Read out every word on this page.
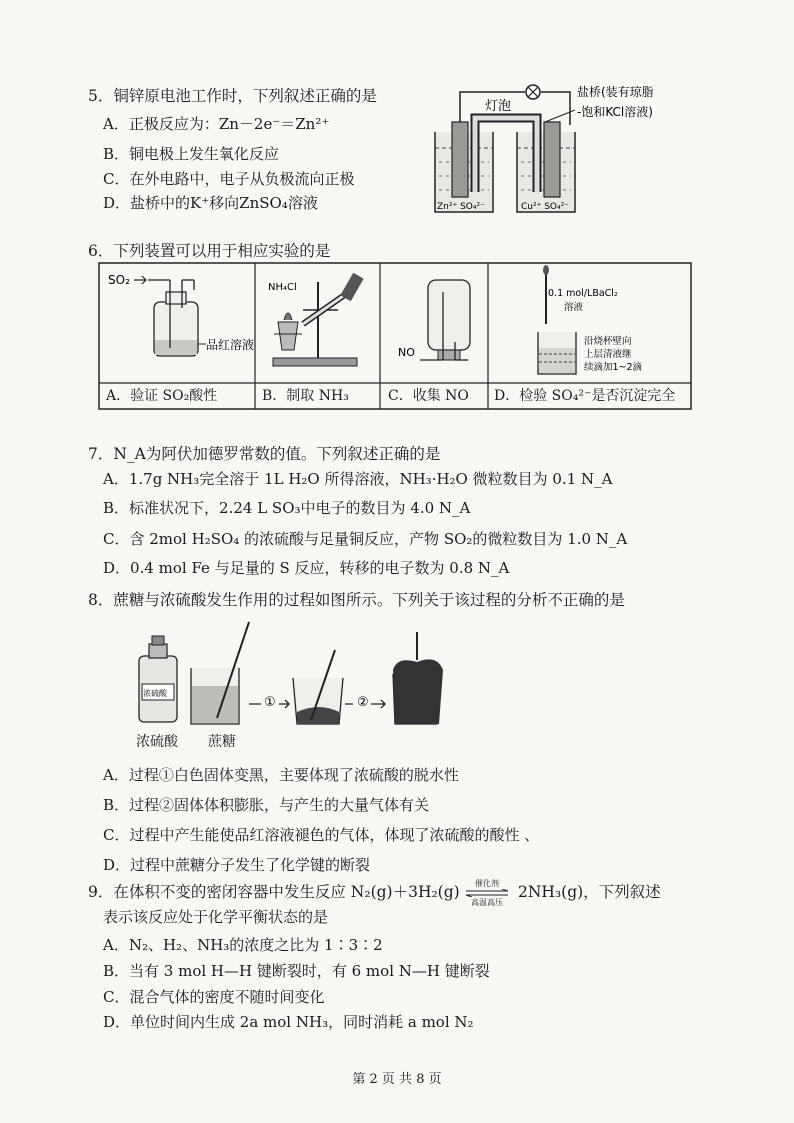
5．铜锌原电池工作时，下列叙述正确的是
A．正极反应为：Zn－2e⁻＝Zn²⁺
B．铜电极上发生氧化反应
C．在外电路中，电子从负极流向正极
D．盐桥中的K⁺移向ZnSO₄溶液
灯泡
盐桥(装有琼脂
-饱和KCl溶液)
Zn²⁺ SO₄²⁻	Cu²⁺ SO₄²⁻
6．下列装置可以用于相应实验的是
SO₂
品红溶液
NH₄Cl
NO
0.1 mol/LBaCl₂
溶液
沿烧杯壁向
上层清液继
续滴加1~2滴
A．验证 SO₂酸性	B．制取 NH₃	C．收集 NO D．检验 SO₄²⁻是否沉淀完全
7．N_A为阿伏加德罗常数的值。下列叙述正确的是
A．1.7g NH₃完全溶于 1L H₂O 所得溶液，NH₃·H₂O 微粒数目为 0.1 N_A
B．标准状况下，2.24 L SO₃中电子的数目为 4.0 N_A
C．含 2mol H₂SO₄ 的浓硫酸与足量铜反应，产物 SO₂的微粒数目为 1.0 N_A
D．0.4 mol Fe 与足量的 S 反应，转移的电子数为 0.8 N_A
8．蔗糖与浓硫酸发生作用的过程如图所示。下列关于该过程的分析不正确的是
浓硫酸
①	②
浓硫酸 蔗糖
A．过程①白色固体变黑，主要体现了浓硫酸的脱水性
B．过程②固体体积膨胀，与产生的大量气体有关
C．过程中产生能使品红溶液褪色的气体，体现了浓硫酸的酸性 、
D．过程中蔗糖分子发生了化学键的断裂
9．在体积不变的密闭容器中发生反应 N₂(g)＋3H₂(g)	催化剂
高温高压
2NH₃(g)，下列叙述
表示该反应处于化学平衡状态的是
A．N₂、H₂、NH₃的浓度之比为 1∶3∶2
B．当有 3 mol H—H 键断裂时，有 6 mol N—H 键断裂
C．混合气体的密度不随时间变化
D．单位时间内生成 2a mol NH₃，同时消耗 a mol N₂
第 2 页 共 8 页
